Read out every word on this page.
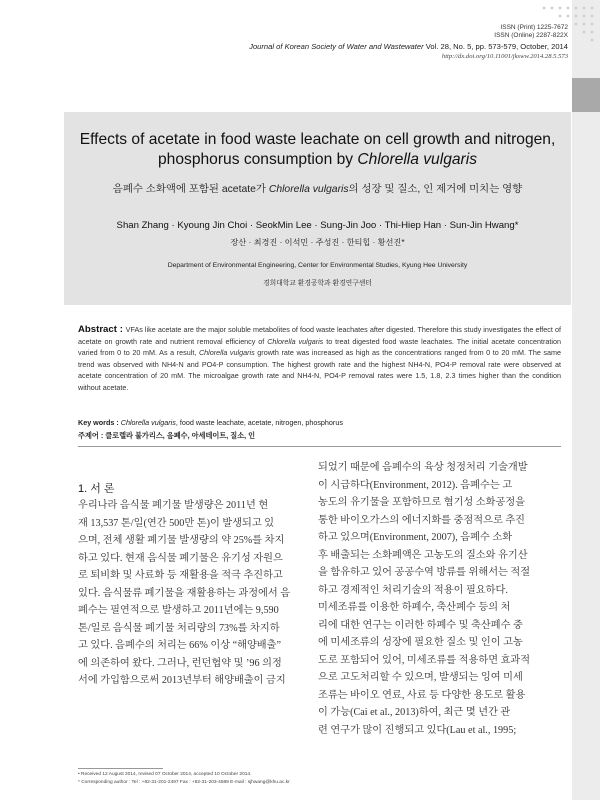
ISSN (Print) 1225-7672
ISSN (Online) 2287-822X
Journal of Korean Society of Water and Wastewater Vol. 28, No. 5, pp. 573-579, October, 2014
http://dx.doi.org/10.11001/jksww.2014.28.5.573
Effects of acetate in food waste leachate on cell growth and nitrogen, phosphorus consumption by Chlorella vulgaris
음폐수 소화액에 포함된 acetate가 Chlorella vulgaris의 성장 및 질소, 인 제거에 미치는 영향
Shan Zhang · Kyoung Jin Choi · SeokMin Lee · Sung-Jin Joo · Thi-Hiep Han · Sun-Jin Hwang*
장산 · 최경진 · 이석민 · 주성진 · 한티힙 · 황선진*
Department of Environmental Engineering, Center for Environmental Studies, Kyung Hee University
경희대학교 환경공학과 환경연구센터
Abstract : VFAs like acetate are the major soluble metabolites of food waste leachates after digested. Therefore this study investigates the effect of acetate on growth rate and nutrient removal efficiency of Chlorella vulgaris to treat digested food waste leachates. The initial acetate concentration varied from 0 to 20 mM. As a result, Chlorella vulgaris growth rate was increased as high as the concentrations ranged from 0 to 20 mM. The same trend was observed with NH4-N and PO4-P consumption. The highest growth rate and the highest NH4-N, PO4-P removal rate were observed at acetate concentration of 20 mM. The microalgae growth rate and NH4-N, PO4-P removal rates were 1.5, 1.8, 2.3 times higher than the condition without acetate.
Key words : Chlorella vulgaris, food waste leachate, acetate, nitrogen, phosphorus
주제어 : 클로렐라 불가리스, 음폐수, 아세테이트, 질소, 인
1. 서 론
우리나라 음식물 폐기물 발생량은 2011년 현
재 13,537 톤/일(연간 500만 톤)이 발생되고 있
으며, 전체 생활 폐기물 발생량의 약 25%를 차지
하고 있다. 현재 음식물 폐기물은 유기성 자원으
로 퇴비화 및 사료화 등 재활용을 적극 추진하고
있다. 음식물류 폐기물을 재활용하는 과정에서 음
폐수는 필연적으로 발생하고 2011년에는 9,590
톤/일로 음식물 폐기물 처리량의 73%를 차지하
고 있다. 음폐수의 처리는 66% 이상 “해양배출”
에 의존하여 왔다. 그러나, 런던협약 및 ’96 의정
서에 가입함으로써 2013년부터 해양배출이 금지
되었기 때문에 음폐수의 육상 청정처리 기술개발
이 시급하다(Environment, 2012). 음폐수는 고
농도의 유기물을 포함하므로 혐기성 소화공정을
통한 바이오가스의 에너지화를 중점적으로 추진
하고 있으며(Environment, 2007), 음폐수 소화
후 배출되는 소화폐액은 고농도의 질소와 유기산
을 함유하고 있어 공공수역 방류를 위해서는 적절
하고 경제적인 처리기술의 적용이 필요하다.
미세조류를 이용한 하폐수, 축산폐수 등의 처
리에 대한 연구는 이러한 하폐수 및 축산폐수 중
에 미세조류의 성장에 필요한 질소 및 인이 고농
도로 포함되어 있어, 미세조류를 적용하면 효과적
으로 고도처리할 수 있으며, 발생되는 잉여 미세
조류는 바이오 연료, 사료 등 다양한 용도로 활용
이 가능(Cai et al., 2013)하여, 최근 몇 년간 관
련 연구가 많이 진행되고 있다(Lau et al., 1995;
• Received 12 August 2014, revised 07 October 2014, accepted 10 October 2014.
* Corresponding author : Tel : +82-31-201-2497 Fax : +82-31-203-4589 E-mail : sjhwang@khu.ac.kr
